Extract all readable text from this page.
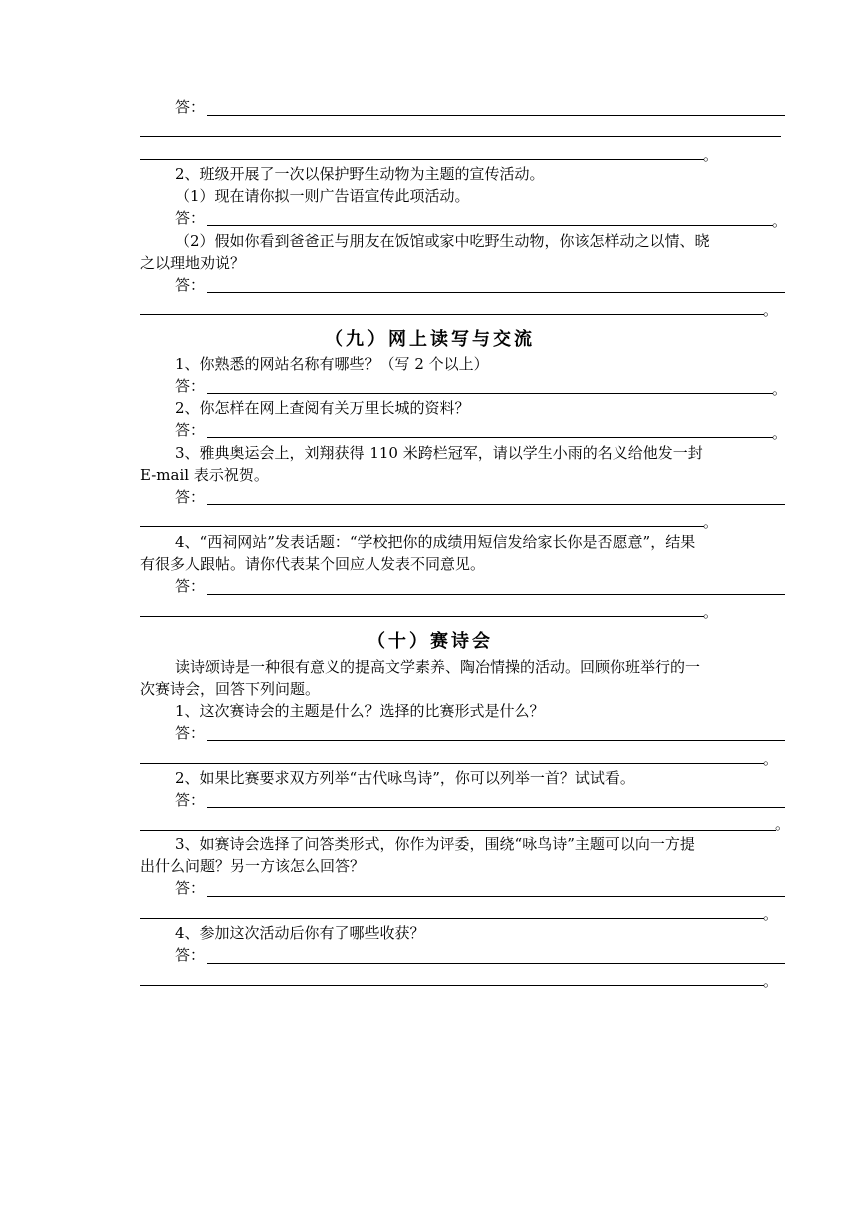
答：
。
2、班级开展了一次以保护野生动物为主题的宣传活动。
（1）现在请你拟一则广告语宣传此项活动。
答：	。
（2）假如你看到爸爸正与朋友在饭馆或家中吃野生动物，你该怎样动之以情、晓
之以理地劝说？
答：
。
（九）网上读写与交流
1、你熟悉的网站名称有哪些？（写 2 个以上）
答：	。
2、你怎样在网上查阅有关万里长城的资料？
答：	。
3、雅典奥运会上，刘翔获得 110 米跨栏冠军，请以学生小雨的名义给他发一封
E-mail 表示祝贺。
答：
。
4、“西祠网站”发表话题：“学校把你的成绩用短信发给家长你是否愿意”，结果
有很多人跟帖。请你代表某个回应人发表不同意见。
答：
。
（十）赛诗会
读诗颂诗是一种很有意义的提高文学素养、陶冶情操的活动。回顾你班举行的一
次赛诗会，回答下列问题。
1、这次赛诗会的主题是什么？选择的比赛形式是什么？
答：
。
2、如果比赛要求双方列举“古代咏鸟诗”，你可以列举一首？试试看。
答：
。
3、如赛诗会选择了问答类形式，你作为评委，围绕“咏鸟诗”主题可以向一方提
出什么问题？另一方该怎么回答？
答：
。
4、参加这次活动后你有了哪些收获？
答：
。
